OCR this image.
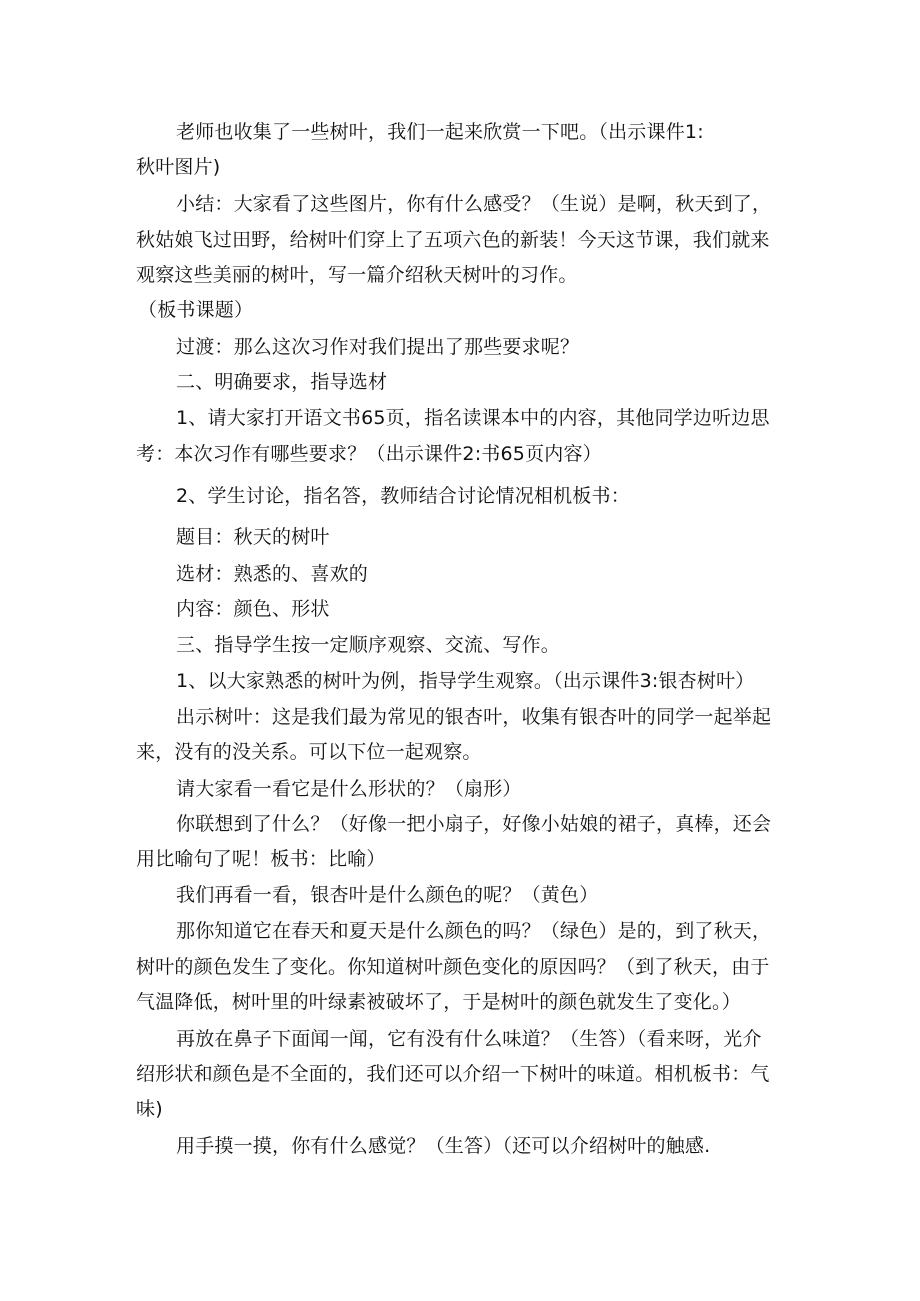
老师也收集了一些树叶，我们一起来欣赏一下吧。（出示课件1:
秋叶图片)
小结：大家看了这些图片，你有什么感受？（生说）是啊，秋天到了，
秋姑娘飞过田野，给树叶们穿上了五项六色的新装！今天这节课，我们就来
观察这些美丽的树叶，写一篇介绍秋天树叶的习作。
（板书课题）
过渡：那么这次习作对我们提出了那些要求呢？
二、明确要求，指导选材
1、请大家打开语文书65页，指名读课本中的内容，其他同学边听边思
考：本次习作有哪些要求？（出示课件2:书65页内容）
2、学生讨论，指名答，教师结合讨论情况相机板书：
题目：秋天的树叶
选材：熟悉的、喜欢的
内容：颜色、形状
三、指导学生按一定顺序观察、交流、写作。
1、以大家熟悉的树叶为例，指导学生观察。（出示课件3:银杏树叶）
出示树叶：这是我们最为常见的银杏叶，收集有银杏叶的同学一起举起
来，没有的没关系。可以下位一起观察。
请大家看一看它是什么形状的？（扇形）
你联想到了什么？（好像一把小扇子，好像小姑娘的裙子，真棒，还会
用比喻句了呢！板书：比喻）
我们再看一看，银杏叶是什么颜色的呢？（黄色）
那你知道它在春天和夏天是什么颜色的吗？（绿色）是的，到了秋天，
树叶的颜色发生了变化。你知道树叶颜色变化的原因吗？（到了秋天，由于
气温降低，树叶里的叶绿素被破坏了，于是树叶的颜色就发生了变化。）
再放在鼻子下面闻一闻，它有没有什么味道？（生答）（看来呀，光介
绍形状和颜色是不全面的，我们还可以介绍一下树叶的味道。相机板书：气
味)
用手摸一摸，你有什么感觉？（生答）（还可以介绍树叶的触感.
